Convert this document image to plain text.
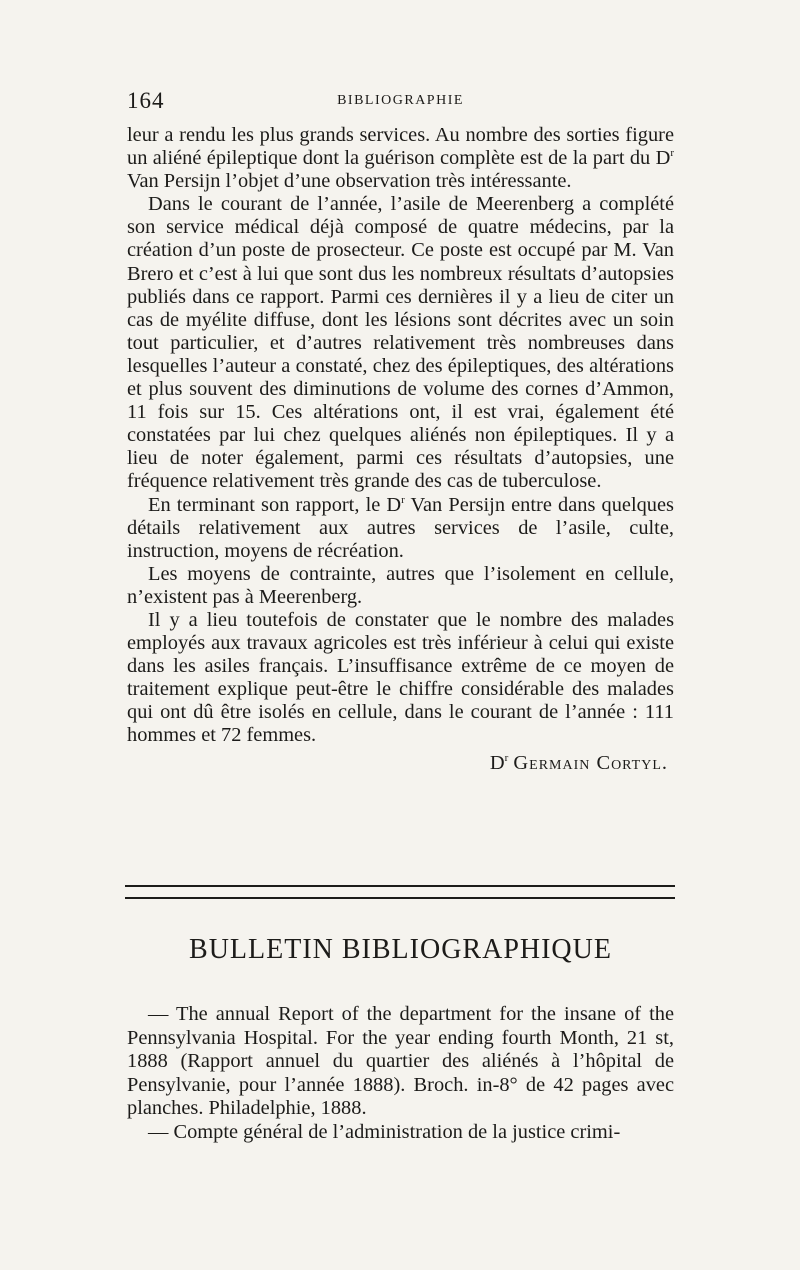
164	BIBLIOGRAPHIE

leur a rendu les plus grands services. Au nombre des sorties figure un aliéné épileptique dont la guérison complète est de la part du $D^r$ Van Persijn l’objet d’une observation très intéressante.

Dans le courant de l’année, l’asile de Meerenberg a complété son service médical déjà composé de quatre médecins, par la création d’un poste de prosecteur. Ce poste est occupé par M. Van Brero et c’est à lui que sont dus les nombreux résultats d’autopsies publiés dans ce rapport. Parmi ces dernières il y a lieu de citer un cas de myélite diffuse, dont les lésions sont décrites avec un soin tout particulier, et d’autres relativement très nombreuses dans lesquelles l’auteur a constaté, chez des épileptiques, des altérations et plus souvent des diminutions de volume des cornes d’Ammon, 11 fois sur 15. Ces altérations ont, il est vrai, également été constatées par lui chez quelques aliénés non épileptiques. Il y a lieu de noter également, parmi ces résultats d’autopsies, une fréquence relativement très grande des cas de tuberculose.

En terminant son rapport, le $D^r$ Van Persijn entre dans quelques détails relativement aux autres services de l’asile, culte, instruction, moyens de récréation.

Les moyens de contrainte, autres que l’isolement en cellule, n’existent pas à Meerenberg.

Il y a lieu toutefois de constater que le nombre des malades employés aux travaux agricoles est très inférieur à celui qui existe dans les asiles français. L’insuffisance extrême de ce moyen de traitement explique peut-être le chiffre considérable des malades qui ont dû être isolés en cellule, dans le courant de l’année : 111 hommes et 72 femmes.

$D^r$ Germain Cortyl.
BULLETIN BIBLIOGRAPHIQUE

— The annual Report of the department for the insane of the Pennsylvania Hospital. For the year ending fourth Month, 21 st, 1888 (Rapport annuel du quartier des aliénés à l’hôpital de Pensylvanie, pour l’année 1888). Broch. in-8° de 42 pages avec planches. Philadelphie, 1888.

— Compte général de l’administration de la justice crimi-
